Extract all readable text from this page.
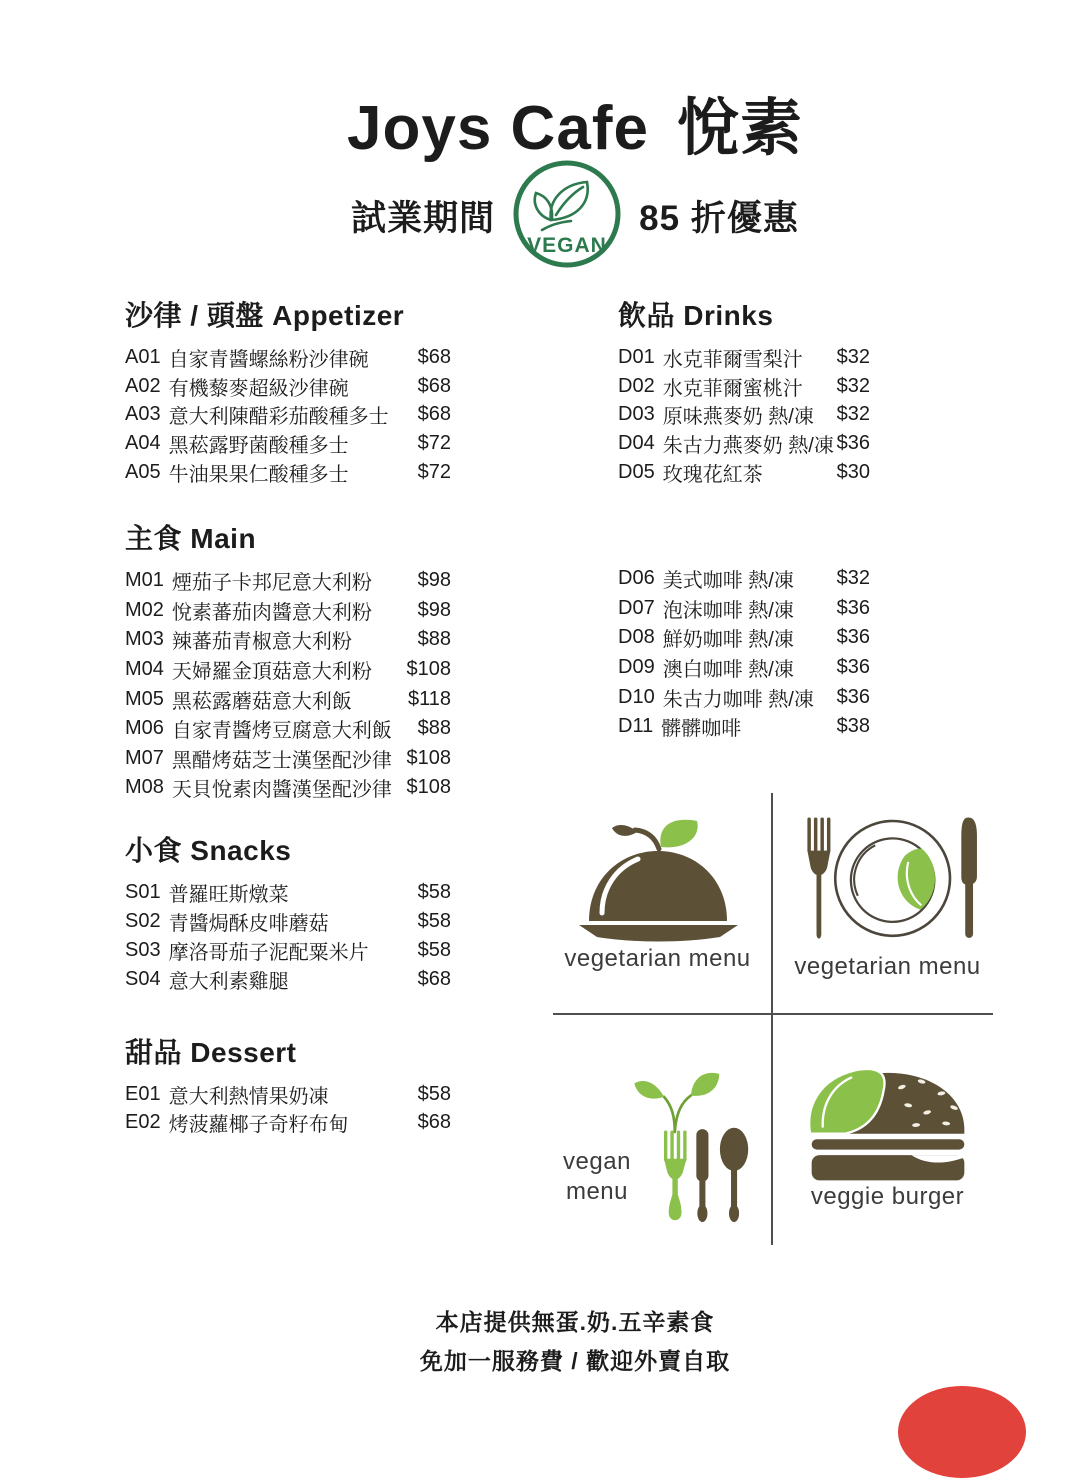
Joys Cafe 悅素
試業期間
VEGAN
85 折優惠
沙律 / 頭盤 Appetizer
A01 自家青醬螺絲粉沙律碗 $68
A02 有機藜麥超級沙律碗	$68
A03 意大利陳醋彩茄酸種多士 $68
A04 黑菘露野菌酸種多士	$72
A05 牛油果果仁酸種多士	$72
飲品 Drinks
D01 水克菲爾雪梨汁 $32
D02 水克菲爾蜜桃汁 $32
D03 原味燕麥奶 熱/凍 $32
D04 朱古力燕麥奶 熱/凍 $36
D05 玫瑰花紅茶	$30
主食 Main
M01 煙茄子卡邦尼意大利粉 $98
M02 悅素蕃茄肉醬意大利粉 $98
M03 辣蕃茄青椒意大利粉	$88
M04 天婦羅金頂菇意大利粉 $108
M05 黑菘露蘑菇意大利飯	$118
M06 自家青醬烤豆腐意大利飯 $88
M07 黑醋烤菇芝士漢堡配沙律 $108
M08 天貝悅素肉醬漢堡配沙律 $108
D06 美式咖啡 熱/凍 $32
D07 泡沫咖啡 熱/凍 $36
D08 鮮奶咖啡 熱/凍 $36
D09 澳白咖啡 熱/凍 $36
D10 朱古力咖啡 熱/凍 $36
D11 髒髒咖啡	$38
小食 Snacks
S01 普羅旺斯燉菜	$58
S02 青醬焗酥皮啡蘑菇	$58
S03 摩洛哥茄子泥配粟米片 $58
S04 意大利素雞腿	$68
甜品 Dessert
E01 意大利熱情果奶凍	$58
E02 烤菠蘿椰子奇籽布甸	$68
vegetarian menu	vegetarian menu
vegan menu	veggie burger
本店提供無蛋.奶.五辛素食
免加一服務費 / 歡迎外賣自取
